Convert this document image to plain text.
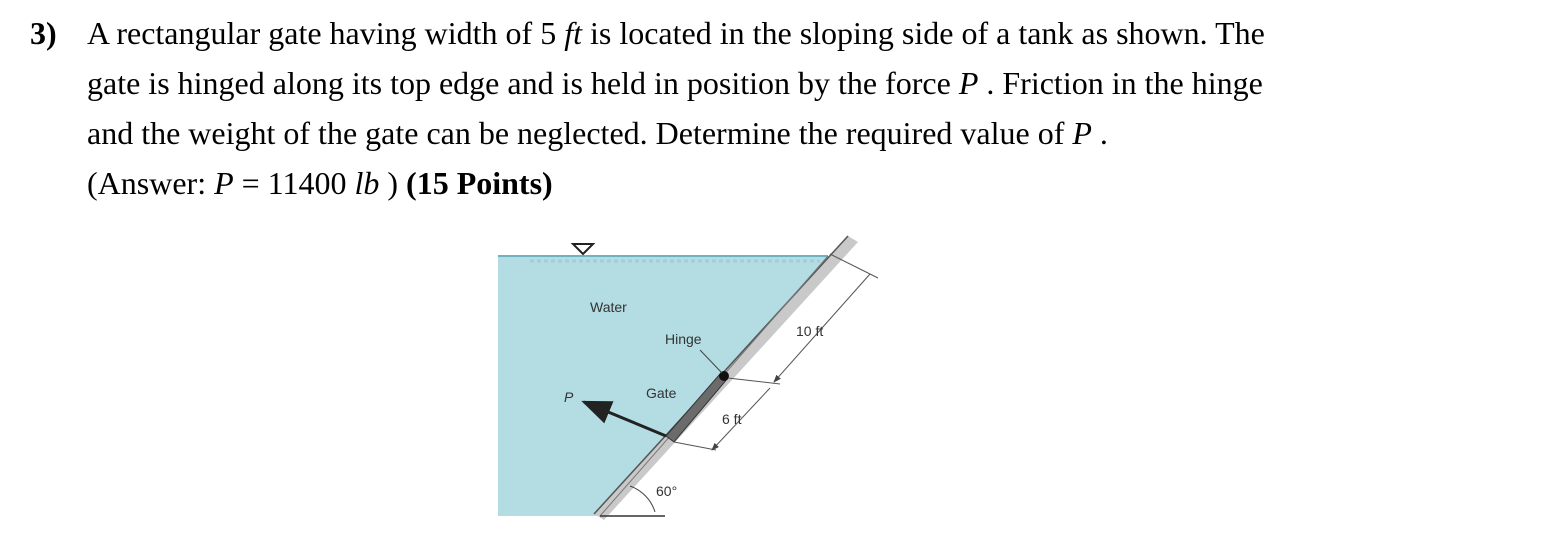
3) A rectangular gate having width of 5 ft is located in the sloping side of a tank as shown. The
gate is hinged along its top edge and is held in position by the force P . Friction in the hinge
and the weight of the gate can be neglected. Determine the required value of P .
(Answer: P = 11400 lb ) (15 Points)
Water
Hinge
Gate
P
10 ft
6 ft
60°
